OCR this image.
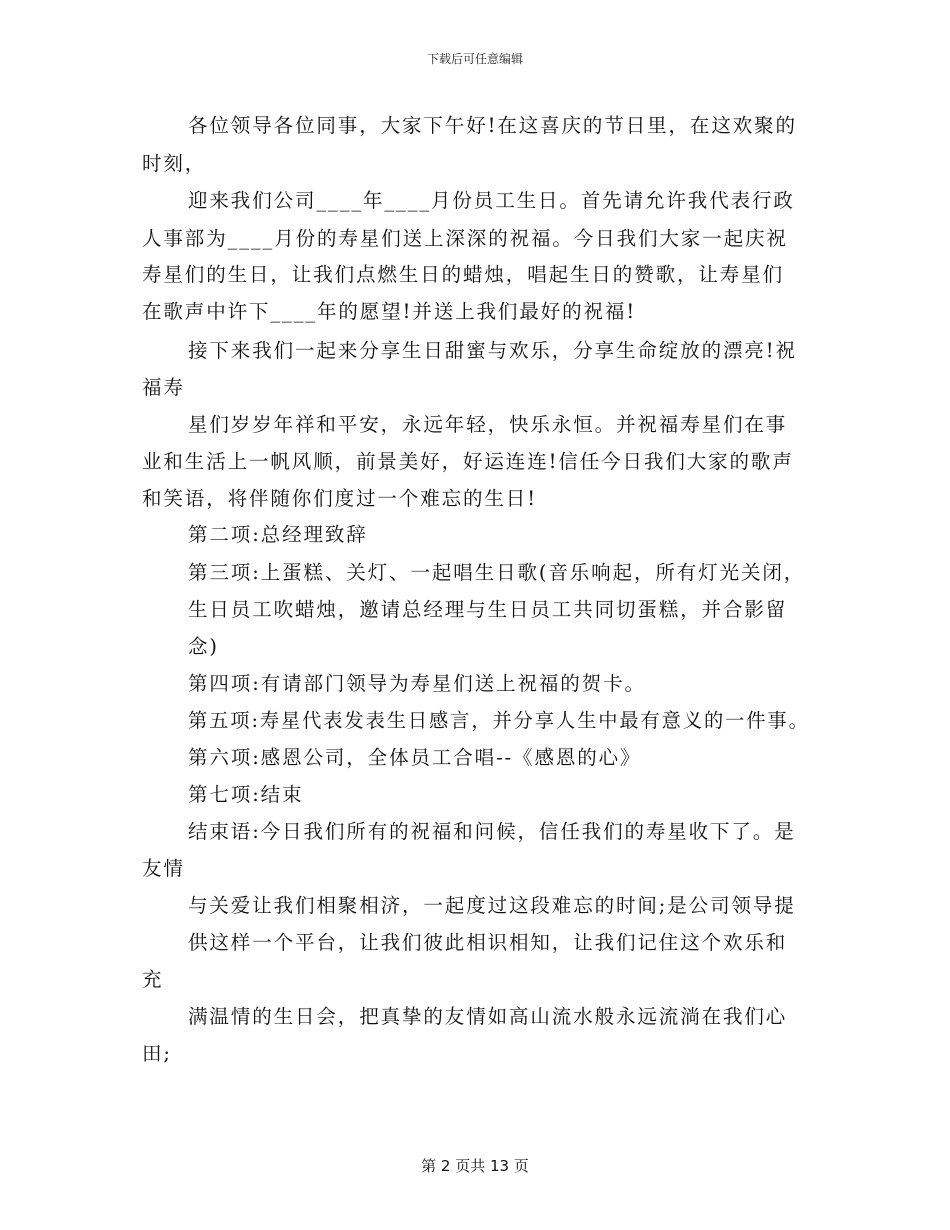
下载后可任意编辑
各位领导各位同事，大家下午好!在这喜庆的节日里，在这欢聚的
时刻，
迎来我们公司____年____月份员工生日。首先请允许我代表行政
人事部为____月份的寿星们送上深深的祝福。今日我们大家一起庆祝
寿星们的生日，让我们点燃生日的蜡烛，唱起生日的赞歌，让寿星们
在歌声中许下____年的愿望!并送上我们最好的祝福!
接下来我们一起来分享生日甜蜜与欢乐，分享生命绽放的漂亮!祝
福寿
星们岁岁年祥和平安，永远年轻，快乐永恒。并祝福寿星们在事
业和生活上一帆风顺，前景美好，好运连连!信任今日我们大家的歌声
和笑语，将伴随你们度过一个难忘的生日!
第二项:总经理致辞
第三项:上蛋糕、关灯、一起唱生日歌(音乐响起，所有灯光关闭，
生日员工吹蜡烛，邀请总经理与生日员工共同切蛋糕，并合影留
念)
第四项:有请部门领导为寿星们送上祝福的贺卡。
第五项:寿星代表发表生日感言，并分享人生中最有意义的一件事。
第六项:感恩公司，全体员工合唱--《感恩的心》
第七项:结束
结束语:今日我们所有的祝福和问候，信任我们的寿星收下了。是
友情
与关爱让我们相聚相济，一起度过这段难忘的时间;是公司领导提
供这样一个平台，让我们彼此相识相知，让我们记住这个欢乐和
充
满温情的生日会，把真挚的友情如高山流水般永远流淌在我们心
田;
第 2 页共 13 页
